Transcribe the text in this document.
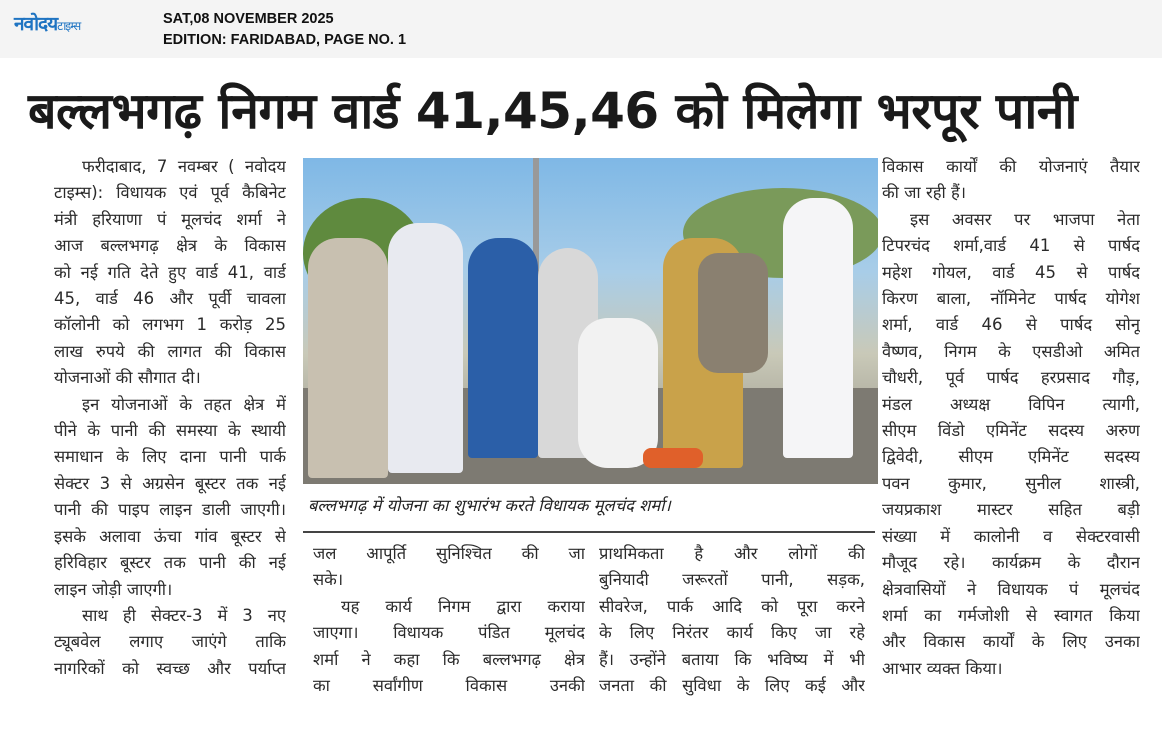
नवोदयटाइम्स	SAT,08 NOVEMBER 2025
EDITION: FARIDABAD, PAGE NO. 1
बल्लभगढ़ निगम वार्ड 41,45,46 को मिलेगा भरपूर पानी
फरीदाबाद, 7 नवम्बर ( नवोदय
टाइम्स): विधायक एवं पूर्व कैबिनेट
मंत्री हरियाणा पं मूलचंद शर्मा ने
आज बल्लभगढ़ क्षेत्र के विकास
को नई गति देते हुए वार्ड 41, वार्ड
45, वार्ड 46 और पूर्वी चावला
कॉलोनी को लगभग 1 करोड़ 25
लाख रुपये की लागत की विकास
योजनाओं की सौगात दी।
इन योजनाओं के तहत क्षेत्र में
पीने के पानी की समस्या के स्थायी
समाधान के लिए दाना पानी पार्क
सेक्टर 3 से अग्रसेन बूस्टर तक नई
पानी की पाइप लाइन डाली जाएगी।
इसके अलावा ऊंचा गांव बूस्टर से
हरिविहार बूस्टर तक पानी की नई
लाइन जोड़ी जाएगी।
साथ ही सेक्टर-3 में 3 नए
ट्यूबवेल लगाए जाएंगे ताकि
नागरिकों को स्वच्छ और पर्याप्त
जल आपूर्ति सुनिश्चित की जा
सके।
यह कार्य निगम द्वारा कराया
जाएगा। विधायक पंडित मूलचंद
शर्मा ने कहा कि बल्लभगढ़ क्षेत्र
का सर्वांगीण विकास उनकी
प्राथमिकता है और लोगों की
बुनियादी जरूरतों पानी, सड़क,
सीवरेज, पार्क आदि को पूरा करने
के लिए निरंतर कार्य किए जा रहे
हैं। उन्होंने बताया कि भविष्य में भी
जनता की सुविधा के लिए कई और
विकास कार्यों की योजनाएं तैयार
की जा रही हैं।
इस अवसर पर भाजपा नेता
टिपरचंद शर्मा,वार्ड 41 से पार्षद
महेश गोयल, वार्ड 45 से पार्षद
किरण बाला, नॉमिनेट पार्षद योगेश
शर्मा, वार्ड 46 से पार्षद सोनू
वैष्णव, निगम के एसडीओ अमित
चौधरी, पूर्व पार्षद हरप्रसाद गौड़,
मंडल अध्यक्ष विपिन त्यागी,
सीएम विंडो एमिनेंट सदस्य अरुण
द्विवेदी, सीएम एमिनेंट सदस्य
पवन कुमार, सुनील शास्त्री,
जयप्रकाश मास्टर सहित बड़ी
संख्या में कालोनी व सेक्टरवासी
मौजूद रहे। कार्यक्रम के दौरान
क्षेत्रवासियों ने विधायक पं मूलचंद
शर्मा का गर्मजोशी से स्वागत किया
और विकास कार्यों के लिए उनका
आभार व्यक्त किया।
बल्लभगढ़ में योजना का शुभारंभ करते विधायक मूलचंद शर्मा।
